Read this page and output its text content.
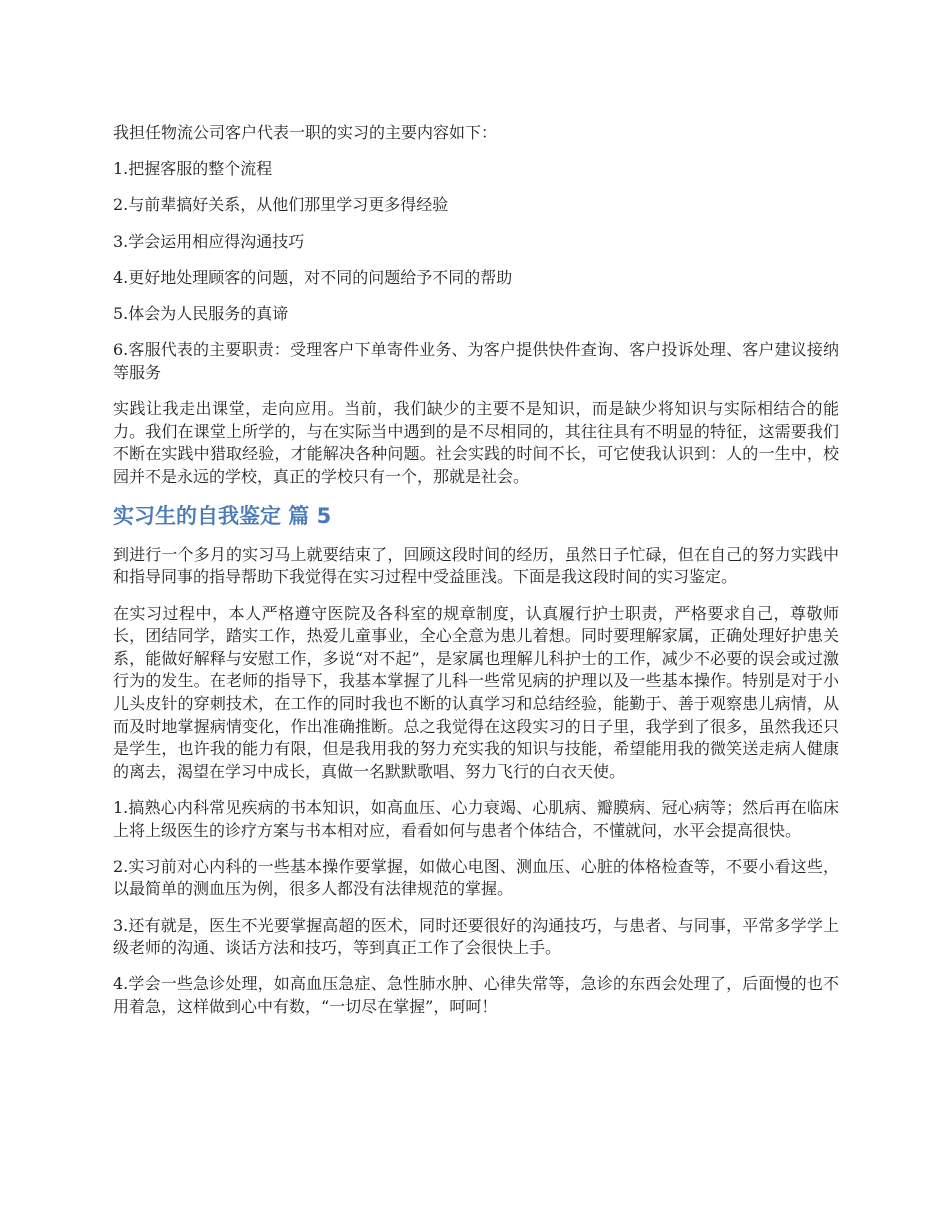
我担任物流公司客户代表一职的实习的主要内容如下：

1.把握客服的整个流程

2.与前辈搞好关系，从他们那里学习更多得经验

3.学会运用相应得沟通技巧

4.更好地处理顾客的问题，对不同的问题给予不同的帮助

5.体会为人民服务的真谛

6.客服代表的主要职责：受理客户下单寄件业务、为客户提供快件查询、客户投诉处理、客户建议接纳等服务

实践让我走出课堂，走向应用。当前，我们缺少的主要不是知识，而是缺少将知识与实际相结合的能力。我们在课堂上所学的，与在实际当中遇到的是不尽相同的，其往往具有不明显的特征，这需要我们不断在实践中猎取经验，才能解决各种问题。社会实践的时间不长，可它使我认识到：人的一生中，校园并不是永远的学校，真正的学校只有一个，那就是社会。

实习生的自我鉴定 篇 5

到进行一个多月的实习马上就要结束了，回顾这段时间的经历，虽然日子忙碌，但在自己的努力实践中和指导同事的指导帮助下我觉得在实习过程中受益匪浅。下面是我这段时间的实习鉴定。

在实习过程中，本人严格遵守医院及各科室的规章制度，认真履行护士职责，严格要求自己，尊敬师长，团结同学，踏实工作，热爱儿童事业，全心全意为患儿着想。同时要理解家属，正确处理好护患关系，能做好解释与安慰工作，多说“对不起”，是家属也理解儿科护士的工作，减少不必要的误会或过激行为的发生。在老师的指导下，我基本掌握了儿科一些常见病的护理以及一些基本操作。特别是对于小儿头皮针的穿刺技术，在工作的同时我也不断的认真学习和总结经验，能勤于、善于观察患儿病情，从而及时地掌握病情变化，作出准确推断。总之我觉得在这段实习的日子里，我学到了很多，虽然我还只是学生，也许我的能力有限，但是我用我的努力充实我的知识与技能，希望能用我的微笑送走病人健康的离去，渴望在学习中成长，真做一名默默歌唱、努力飞行的白衣天使。

1.搞熟心内科常见疾病的书本知识，如高血压、心力衰竭、心肌病、瓣膜病、冠心病等；然后再在临床上将上级医生的诊疗方案与书本相对应，看看如何与患者个体结合，不懂就问，水平会提高很快。

2.实习前对心内科的一些基本操作要掌握，如做心电图、测血压、心脏的体格检查等，不要小看这些，以最简单的测血压为例，很多人都没有法律规范的掌握。

3.还有就是，医生不光要掌握高超的医术，同时还要很好的沟通技巧，与患者、与同事，平常多学学上级老师的沟通、谈话方法和技巧，等到真正工作了会很快上手。

4.学会一些急诊处理，如高血压急症、急性肺水肿、心律失常等，急诊的东西会处理了，后面慢的也不用着急，这样做到心中有数，“一切尽在掌握”，呵呵！
